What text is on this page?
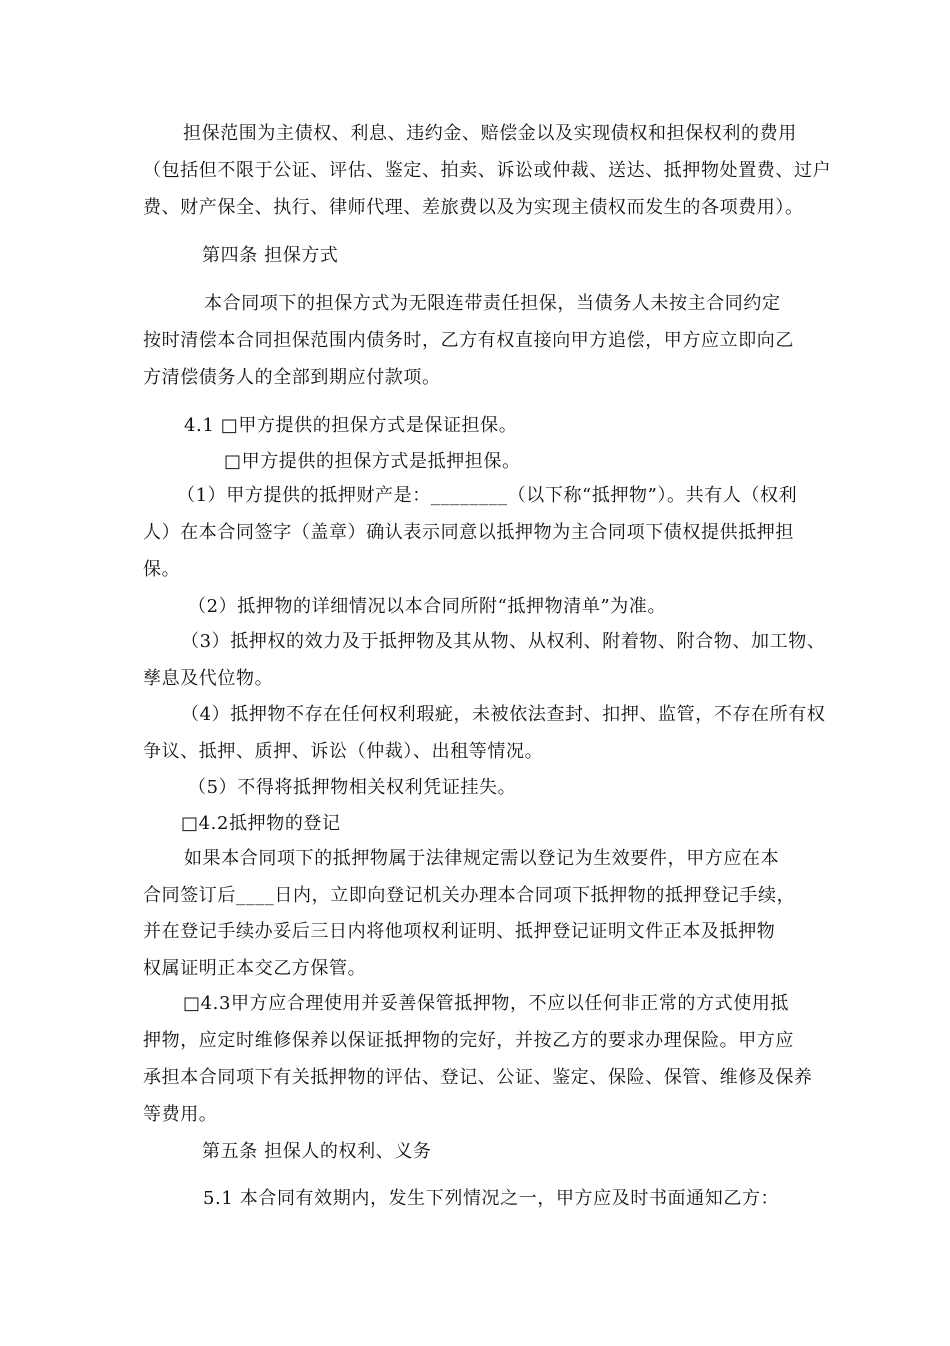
担保范围为主债权、利息、违约金、赔偿金以及实现债权和担保权利的费用
（包括但不限于公证、评估、鉴定、拍卖、诉讼或仲裁、送达、抵押物处置费、过户
费、财产保全、执行、律师代理、差旅费以及为实现主债权而发生的各项费用）。
第四条 担保方式
本合同项下的担保方式为无限连带责任担保，当债务人未按主合同约定
按时清偿本合同担保范围内债务时，乙方有权直接向甲方追偿，甲方应立即向乙
方清偿债务人的全部到期应付款项。
4.1 □甲方提供的担保方式是保证担保。
□甲方提供的担保方式是抵押担保。
（1）甲方提供的抵押财产是：________（以下称“抵押物”）。共有人（权利
人）在本合同签字（盖章）确认表示同意以抵押物为主合同项下债权提供抵押担
保。
（2）抵押物的详细情况以本合同所附“抵押物清单”为准。
（3）抵押权的效力及于抵押物及其从物、从权利、附着物、附合物、加工物、
孳息及代位物。
（4）抵押物不存在任何权利瑕疵，未被依法查封、扣押、监管，不存在所有权
争议、抵押、质押、诉讼（仲裁）、出租等情况。
（5）不得将抵押物相关权利凭证挂失。
□4.2抵押物的登记
如果本合同项下的抵押物属于法律规定需以登记为生效要件，甲方应在本
合同签订后____日内，立即向登记机关办理本合同项下抵押物的抵押登记手续，
并在登记手续办妥后三日内将他项权利证明、抵押登记证明文件正本及抵押物
权属证明正本交乙方保管。
□4.3甲方应合理使用并妥善保管抵押物，不应以任何非正常的方式使用抵
押物，应定时维修保养以保证抵押物的完好，并按乙方的要求办理保险。甲方应
承担本合同项下有关抵押物的评估、登记、公证、鉴定、保险、保管、维修及保养
等费用。
第五条 担保人的权利、义务
5.1 本合同有效期内，发生下列情况之一，甲方应及时书面通知乙方：
